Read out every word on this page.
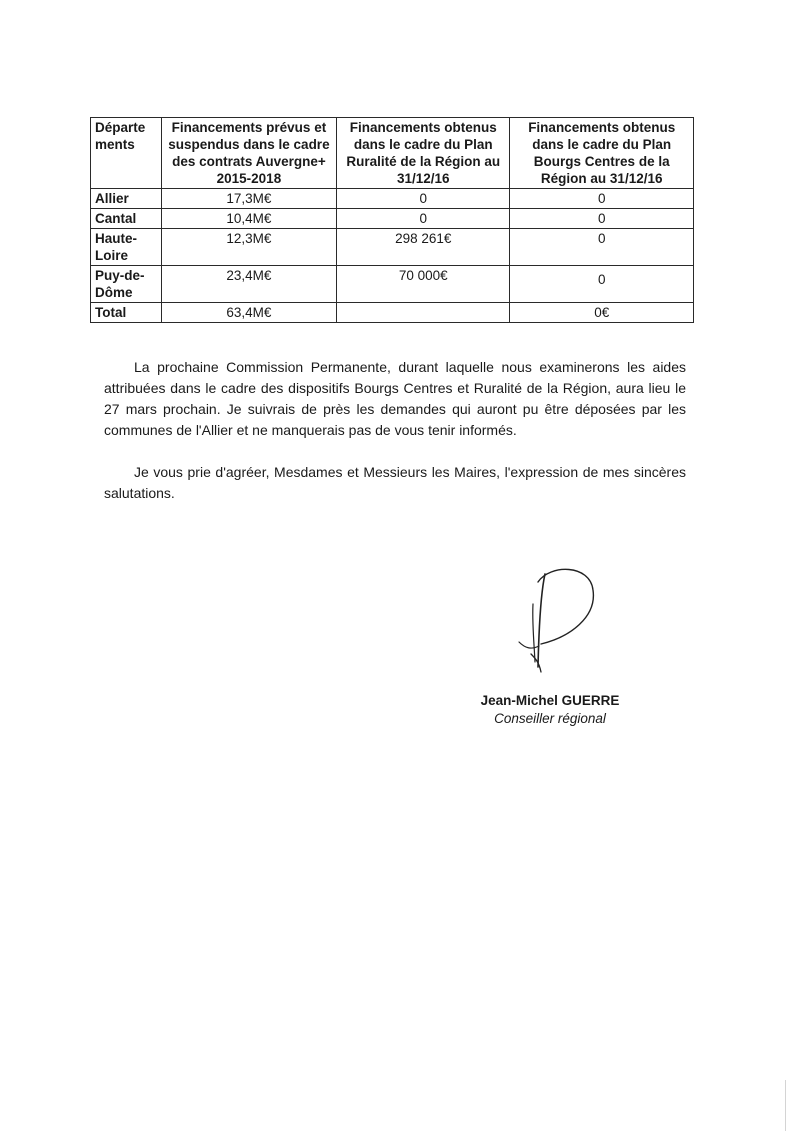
Départe
ments	Financements prévus et suspendus dans le cadre des contrats Auvergne+ 2015-2018	Financements obtenus dans le cadre du Plan Ruralité de la Région au 31/12/16	Financements obtenus dans le cadre du Plan Bourgs Centres de la Région au 31/12/16
Allier	17,3M€	0	0
Cantal	10,4M€	0	0
Haute-
Loire	12,3M€	298 261€	0
Puy-de-
Dôme	23,4M€	70 000€	0
Total	63,4M€		0€

La prochaine Commission Permanente, durant laquelle nous examinerons les aides attribuées dans le cadre des dispositifs Bourgs Centres et Ruralité de la Région, aura lieu le 27 mars prochain. Je suivrais de près les demandes qui auront pu être déposées par les communes de l'Allier et ne manquerais pas de vous tenir informés.

Je vous prie d'agréer, Mesdames et Messieurs les Maires, l'expression de mes sincères salutations.

Jean-Michel GUERRE
Conseiller régional
